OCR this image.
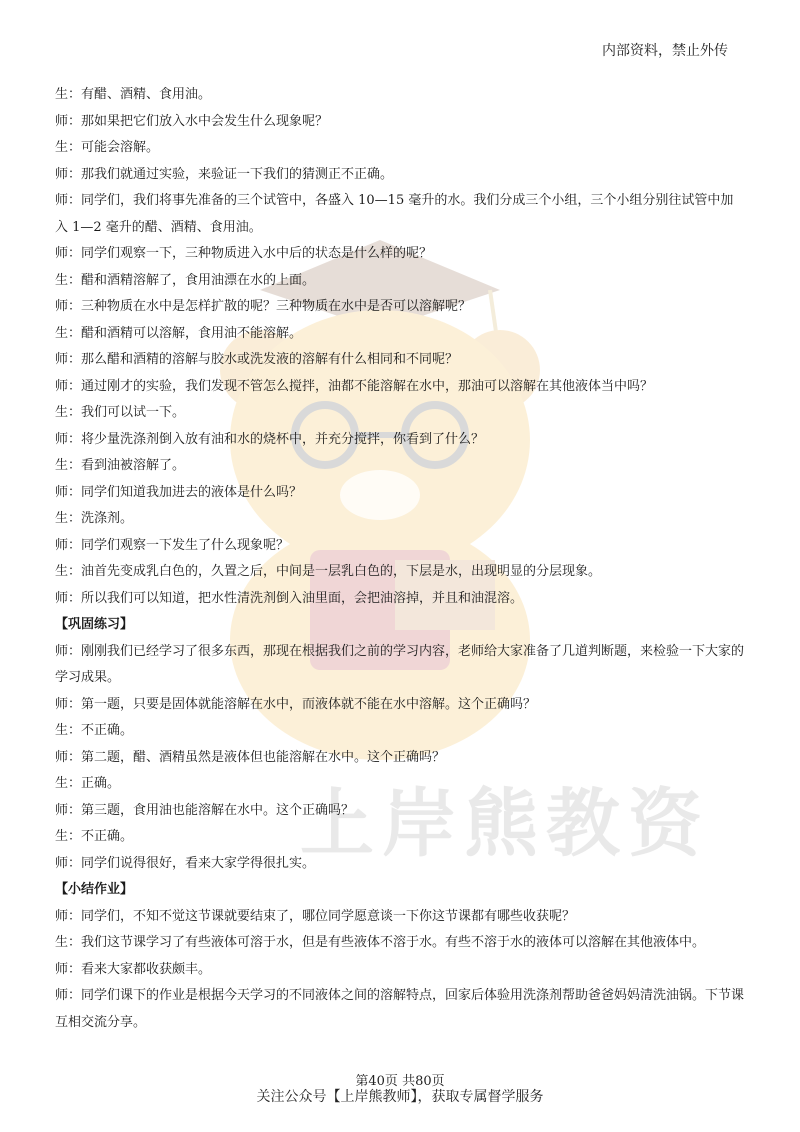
上岸熊教资
内部资料，禁止外传

生：有醋、酒精、食用油。

师：那如果把它们放入水中会发生什么现象呢？

生：可能会溶解。

师：那我们就通过实验，来验证一下我们的猜测正不正确。

师：同学们，我们将事先准备的三个试管中，各盛入 10—15 毫升的水。我们分成三个小组，三个小组分别往试管中加入 1—2 毫升的醋、酒精、食用油。

师：同学们观察一下，三种物质进入水中后的状态是什么样的呢？

生：醋和酒精溶解了，食用油漂在水的上面。

师：三种物质在水中是怎样扩散的呢？三种物质在水中是否可以溶解呢？

生：醋和酒精可以溶解，食用油不能溶解。

师：那么醋和酒精的溶解与胶水或洗发液的溶解有什么相同和不同呢？

师：通过刚才的实验，我们发现不管怎么搅拌，油都不能溶解在水中，那油可以溶解在其他液体当中吗？

生：我们可以试一下。

师：将少量洗涤剂倒入放有油和水的烧杯中，并充分搅拌，你看到了什么？

生：看到油被溶解了。

师：同学们知道我加进去的液体是什么吗？

生：洗涤剂。

师：同学们观察一下发生了什么现象呢？

生：油首先变成乳白色的，久置之后，中间是一层乳白色的，下层是水，出现明显的分层现象。

师：所以我们可以知道，把水性清洗剂倒入油里面，会把油溶掉，并且和油混溶。

【巩固练习】

师：刚刚我们已经学习了很多东西，那现在根据我们之前的学习内容，老师给大家准备了几道判断题，来检验一下大家的学习成果。

师：第一题，只要是固体就能溶解在水中，而液体就不能在水中溶解。这个正确吗？

生：不正确。

师：第二题，醋、酒精虽然是液体但也能溶解在水中。这个正确吗？

生：正确。

师：第三题，食用油也能溶解在水中。这个正确吗？

生：不正确。

师：同学们说得很好，看来大家学得很扎实。

【小结作业】

师：同学们，不知不觉这节课就要结束了，哪位同学愿意谈一下你这节课都有哪些收获呢？

生：我们这节课学习了有些液体可溶于水，但是有些液体不溶于水。有些不溶于水的液体可以溶解在其他液体中。

师：看来大家都收获颇丰。

师：同学们课下的作业是根据今天学习的不同液体之间的溶解特点，回家后体验用洗涤剂帮助爸爸妈妈清洗油锅。下节课互相交流分享。

第40页 共80页
关注公众号【上岸熊教师】，获取专属督学服务
